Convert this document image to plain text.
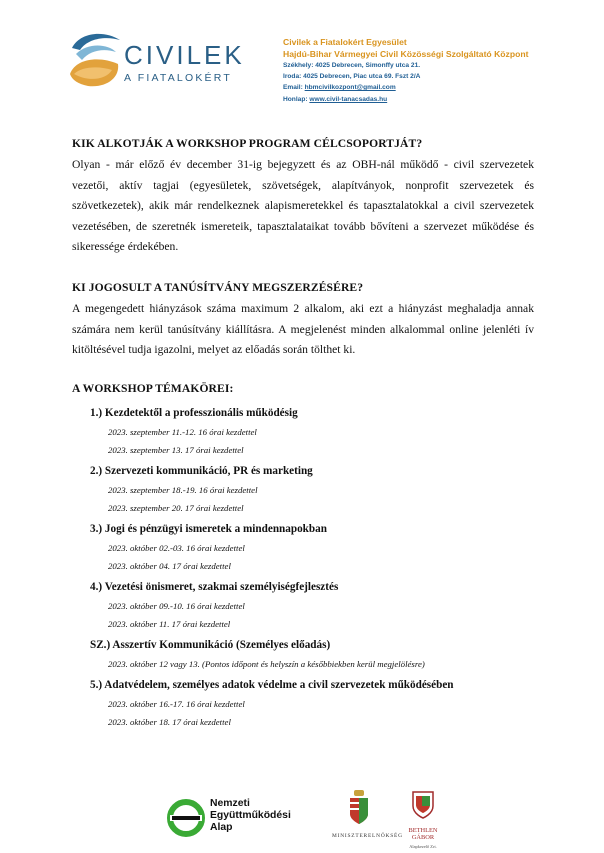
CIVILEK
A FIATALOKÉRT
Civilek a Fiatalokért Egyesület
Hajdú-Bihar Vármegyei Civil Közösségi Szolgáltató Központ
Székhely: 4025 Debrecen, Simonffy utca 21.
Iroda: 4025 Debrecen, Piac utca 69. Fszt 2/A
Email: hbmcivilkozpont@gmail.com
Honlap: www.civil-tanacsadas.hu
KIK ALKOTJÁK A WORKSHOP PROGRAM CÉLCSOPORTJÁT?

Olyan - már előző év december 31-ig bejegyzett és az OBH-nál működő - civil szervezetek vezetői, aktív tagjai (egyesületek, szövetségek, alapítványok, nonprofit szervezetek és szövetkezetek), akik már rendelkeznek alapismeretekkel és tapasztalatokkal a civil szervezetek vezetésében, de szeretnék ismereteik, tapasztalataikat tovább bővíteni a szervezet működése és sikeressége érdekében.

KI JOGOSULT A TANÚSÍTVÁNY MEGSZERZÉSÉRE?

A megengedett hiányzások száma maximum 2 alkalom, aki ezt a hiányzást meghaladja annak számára nem kerül tanúsítvány kiállításra. A megjelenést minden alkalommal online jelenléti ív kitöltésével tudja igazolni, melyet az előadás során tölthet ki.

A WORKSHOP TÉMAKÖREI:
1.) Kezdetektől a professzionális működésig
2023. szeptember 11.-12. 16 órai kezdettel
2023. szeptember 13. 17 órai kezdettel
2.) Szervezeti kommunikáció, PR és marketing
2023. szeptember 18.-19. 16 órai kezdettel
2023. szeptember 20. 17 órai kezdettel
3.) Jogi és pénzügyi ismeretek a mindennapokban
2023. október 02.-03. 16 órai kezdettel
2023. október 04. 17 órai kezdettel
4.) Vezetési önismeret, szakmai személyiségfejlesztés
2023. október 09.-10. 16 órai kezdettel
2023. október 11. 17 órai kezdettel
SZ.) Asszertív Kommunikáció (Személyes előadás)
2023. október 12 vagy 13. (Pontos időpont és helyszín a későbbiekben kerül megjelölésre)
5.) Adatvédelem, személyes adatok védelme a civil szervezetek működésében
2023. október 16.-17. 16 órai kezdettel
2023. október 18. 17 órai kezdettel
Nemzeti
Együttműködési
Alap
MINISZTERELNÖKSÉG
BETHLEN GÁBOR
Alapkezelő Zrt.
